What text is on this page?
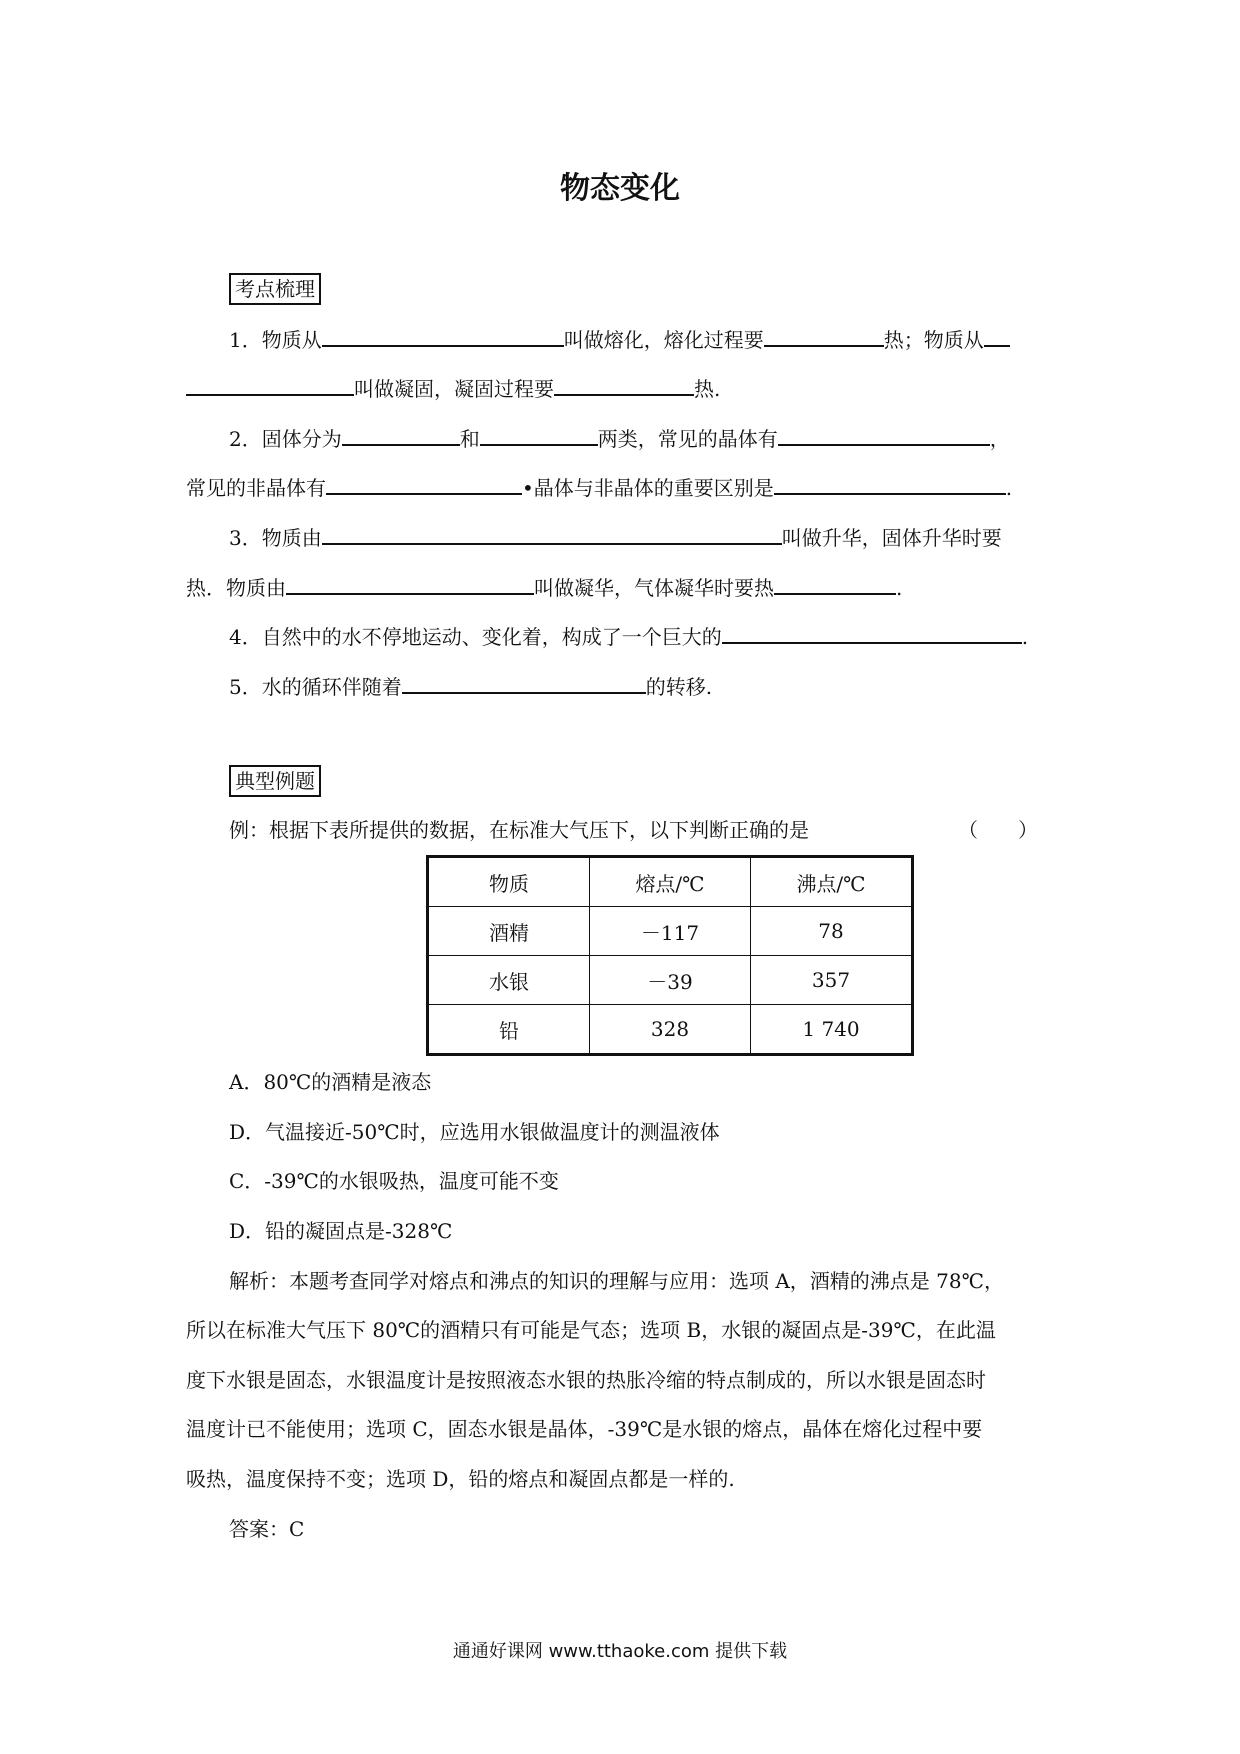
物态变化
考点梳理
1．物质从	叫做熔化，熔化过程要	热；物质从
叫做凝固，凝固过程要	热.
2．固体分为	和	两类，常见的晶体有	，
常见的非晶体有	•晶体与非晶体的重要区别是	.
3．物质由	叫做升华，固体升华时要
热．物质由	叫做凝华，气体凝华时要热	.
4．自然中的水不停地运动、变化着，构成了一个巨大的	.
5．水的循环伴随着	的转移.
典型例题
例：根据下表所提供的数据，在标准大气压下，以下判断正确的是	（　　）
物质	熔点/℃	沸点/℃
酒精	－117	78
水银	－39	357
铅	328	1 740
A．80℃的酒精是液态
D．气温接近-50℃时，应选用水银做温度计的测温液体
C．-39℃的水银吸热，温度可能不变
D．铅的凝固点是-328℃
解析：本题考查同学对熔点和沸点的知识的理解与应用：选项 A，酒精的沸点是 78℃，
所以在标准大气压下 80℃的酒精只有可能是气态；选项 B，水银的凝固点是-39℃，在此温
度下水银是固态，水银温度计是按照液态水银的热胀冷缩的特点制成的，所以水银是固态时
温度计已不能使用；选项 C，固态水银是晶体，-39℃是水银的熔点，晶体在熔化过程中要
吸热，温度保持不变；选项 D，铅的熔点和凝固点都是一样的.
答案：C
通通好课网 www.tthaoke.com 提供下载
